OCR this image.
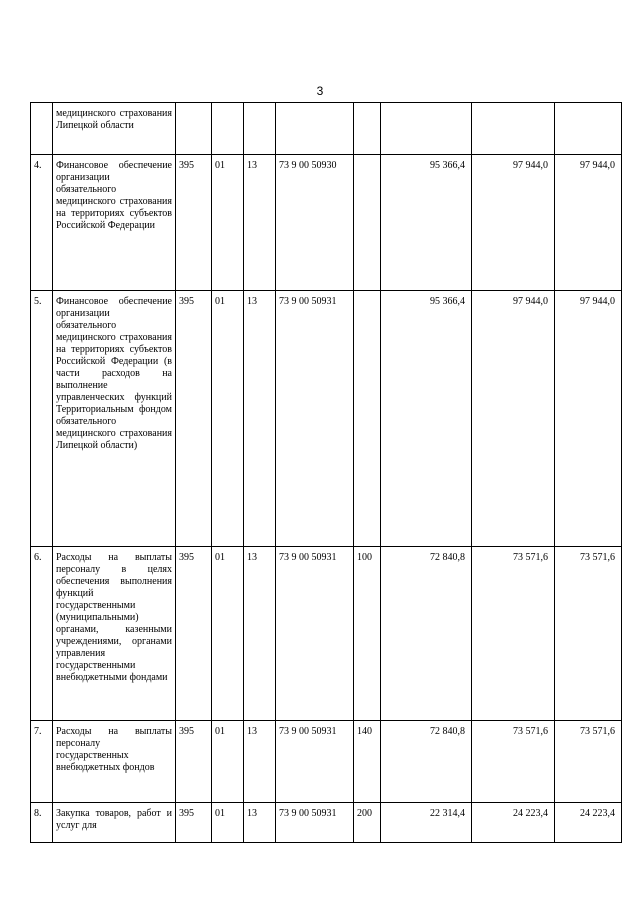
3
	медицинского страхования Липецкой области								
4.	Финансовое обеспечение организации обязательного медицинского страхования на территориях субъектов Российской Федерации	395	01	13	73 9 00 50930		95 366,4	97 944,0	97 944,0
5.	Финансовое обеспечение организации обязательного медицинского страхования на территориях субъектов Российской Федерации (в части расходов на выполнение управленческих функций Территориальным фондом обязательного медицинского страхования Липецкой области)	395	01	13	73 9 00 50931		95 366,4	97 944,0	97 944,0
6.	Расходы на выплаты персоналу в целях обеспечения выполнения функций государственными (муниципальными) органами, казенными учреждениями, органами управления государственными внебюджетными фондами	395	01	13	73 9 00 50931	100	72 840,8	73 571,6	73 571,6
7.	Расходы на выплаты персоналу государственных внебюджетных фондов	395	01	13	73 9 00 50931	140	72 840,8	73 571,6	73 571,6
8.	Закупка товаров, работ и услуг для	395	01	13	73 9 00 50931	200	22 314,4	24 223,4	24 223,4
